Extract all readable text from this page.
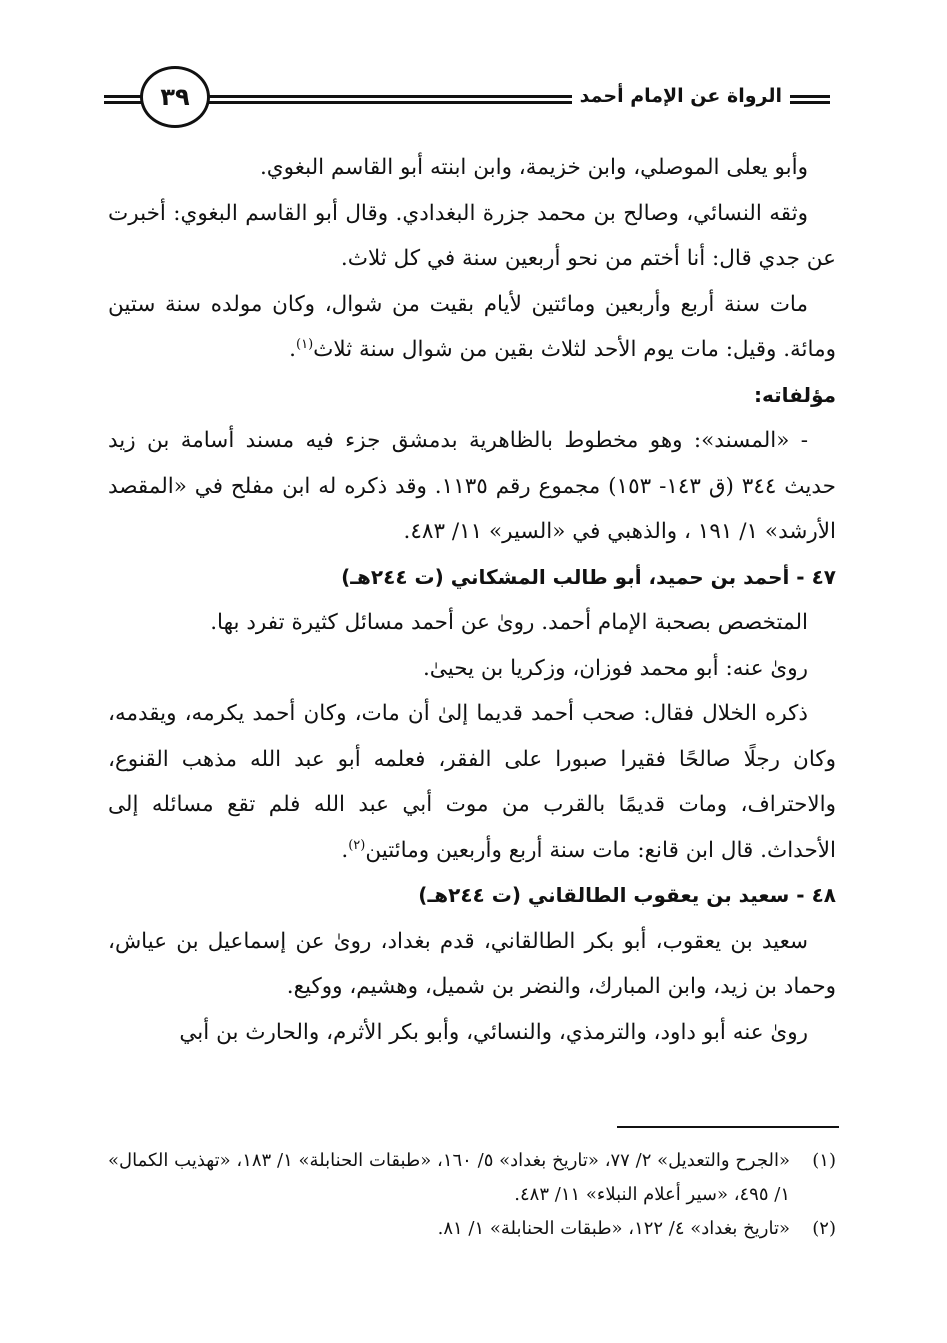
٣٩	الرواة عن الإمام أحمد

وأبو يعلى الموصلي، وابن خزيمة، وابن ابنته أبو القاسم البغوي.

وثقه النسائي، وصالح بن محمد جزرة البغدادي. وقال أبو القاسم البغوي: أخبرت عن جدي قال: أنا أختم من نحو أربعين سنة في كل ثلاث.

مات سنة أربع وأربعين ومائتين لأيام بقيت من شوال، وكان مولده سنة ستين ومائة. وقيل: مات يوم الأحد لثلاث بقين من شوال سنة ثلاث$^{(١)}$.

مؤلفاته:

- «المسند»: وهو مخطوط بالظاهرية بدمشق جزء فيه مسند أسامة بن زيد حديث ٣٤٤ (ق ١٤٣- ١٥٣) مجموع رقم ١١٣٥. وقد ذكره له ابن مفلح في «المقصد الأرشد» ١/ ١٩١ ، والذهبي في «السير» ١١/ ٤٨٣.

٤٧ - أحمد بن حميد، أبو طالب المشكاني (ت ٢٤٤هـ)

المتخصص بصحبة الإمام أحمد. روىٰ عن أحمد مسائل كثيرة تفرد بها.

روىٰ عنه: أبو محمد فوزان، وزكريا بن يحيىٰ.

ذكره الخلال فقال: صحب أحمد قديما إلىٰ أن مات، وكان أحمد يكرمه، ويقدمه، وكان رجلًا صالحًا فقيرا صبورا على الفقر، فعلمه أبو عبد الله مذهب القنوع، والاحتراف، ومات قديمًا بالقرب من موت أبي عبد الله فلم تقع مسائله إلى الأحداث. قال ابن قانع: مات سنة أربع وأربعين ومائتين$^{(٢)}$.

٤٨ - سعيد بن يعقوب الطالقاني (ت ٢٤٤هـ)

سعيد بن يعقوب، أبو بكر الطالقاني، قدم بغداد، روىٰ عن إسماعيل بن عياش، وحماد بن زيد، وابن المبارك، والنضر بن شميل، وهشيم، ووكيع.

روىٰ عنه أبو داود، والترمذي، والنسائي، وأبو بكر الأثرم، والحارث بن أبي

(١)
«الجرح والتعديل» ٢/ ٧٧، «تاريخ بغداد» ٥/ ١٦٠، «طبقات الحنابلة» ١/ ١٨٣، «تهذيب الكمال» ١/ ٤٩٥، «سير أعلام النبلاء» ١١/ ٤٨٣.

(٢)
«تاريخ بغداد» ٤/ ١٢٢، «طبقات الحنابلة» ١/ ٨١.
